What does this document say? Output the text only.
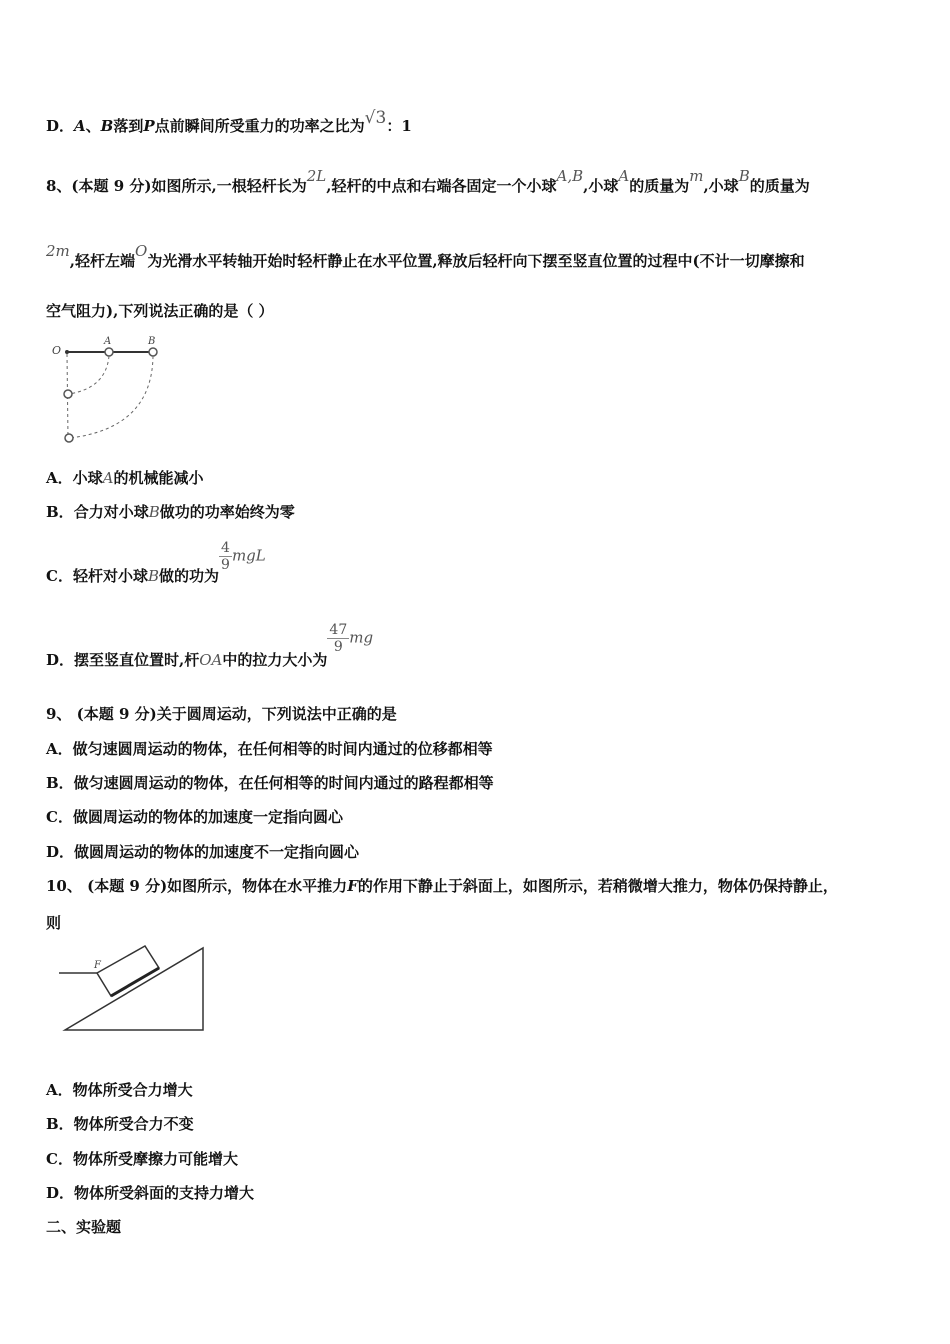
D．A、B落到P点前瞬间所受重力的功率之比为√3：1
8、(本题 9 分)如图所示,一根轻杆长为2L,轻杆的中点和右端各固定一个小球A,B,小球A的质量为m,小球B的质量为
2m,轻杆左端O为光滑水平转轴开始时轻杆静止在水平位置,释放后轻杆向下摆至竖直位置的过程中(不计一切摩擦和
空气阻力),下列说法正确的是（ ）
O
A	B
A．小球A的机械能减小
B．合力对小球B做功的功率始终为零
C．轻杆对小球B做的功为
$\frac{4}{9}$ mgL
D．摆至竖直位置时,杆OA中的拉力大小为
$\frac{47}{9}$ mg
9、 (本题 9 分)关于圆周运动，下列说法中正确的是
A．做匀速圆周运动的物体，在任何相等的时间内通过的位移都相等
B．做匀速圆周运动的物体，在任何相等的时间内通过的路程都相等
C．做圆周运动的物体的加速度一定指向圆心
D．做圆周运动的物体的加速度不一定指向圆心
10、 (本题 9 分)如图所示，物体在水平推力F的作用下静止于斜面上，如图所示，若稍微增大推力，物体仍保持静止，
则
F
A．物体所受合力增大
B．物体所受合力不变
C．物体所受摩擦力可能增大
D．物体所受斜面的支持力增大
二、实验题
